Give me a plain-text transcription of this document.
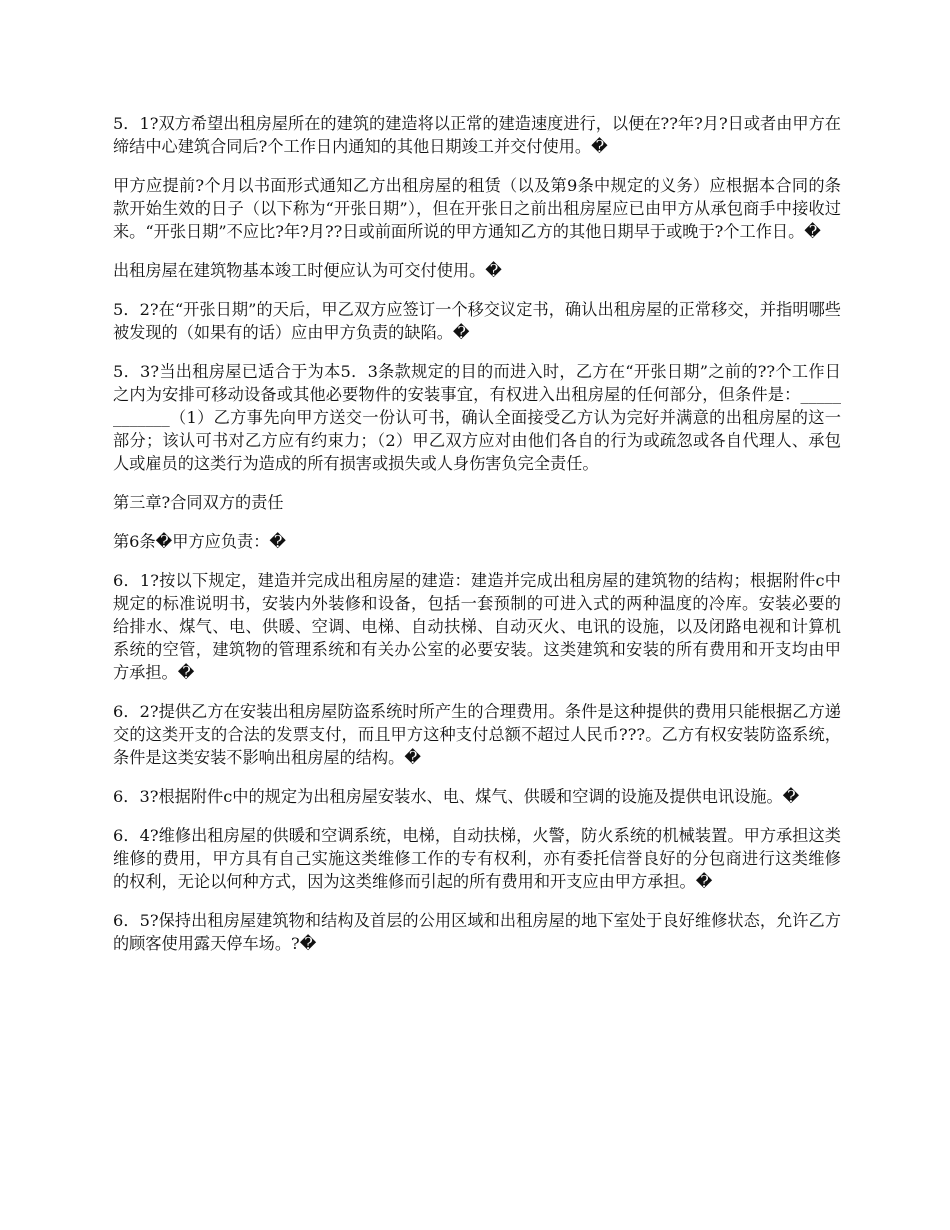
5．1?双方希望出租房屋所在的建筑的建造将以正常的建造速度进行，以便在??年?月?日或者由甲方在缔结中心建筑合同后?个工作日内通知的其他日期竣工并交付使用。�

甲方应提前?个月以书面形式通知乙方出租房屋的租赁（以及第9条中规定的义务）应根据本合同的条款开始生效的日子（以下称为“开张日期”），但在开张日之前出租房屋应已由甲方从承包商手中接收过来。“开张日期”不应比?年?月??日或前面所说的甲方通知乙方的其他日期早于或晚于?个工作日。�

出租房屋在建筑物基本竣工时便应认为可交付使用。�

5．2?在“开张日期”的天后，甲乙双方应签订一个移交议定书，确认出租房屋的正常移交，并指明哪些被发现的（如果有的话）应由甲方负责的缺陷。�

5．3?当出租房屋已适合于为本5．3条款规定的目的而进入时，乙方在“开张日期”之前的??个工作日之内为安排可移动设备或其他必要物件的安装事宜，有权进入出租房屋的任何部分，但条件是：____________（1）乙方事先向甲方送交一份认可书，确认全面接受乙方认为完好并满意的出租房屋的这一部分；该认可书对乙方应有约束力；（2）甲乙双方应对由他们各自的行为或疏忽或各自代理人、承包人或雇员的这类行为造成的所有损害或损失或人身伤害负完全责任。

第三章?合同双方的责任

第6条�甲方应负责：�

6．1?按以下规定，建造并完成出租房屋的建造：建造并完成出租房屋的建筑物的结构；根据附件c中规定的标准说明书，安装内外装修和设备，包括一套预制的可进入式的两种温度的冷库。安装必要的给排水、煤气、电、供暖、空调、电梯、自动扶梯、自动灭火、电讯的设施，以及闭路电视和计算机系统的空管，建筑物的管理系统和有关办公室的必要安装。这类建筑和安装的所有费用和开支均由甲方承担。�

6．2?提供乙方在安装出租房屋防盗系统时所产生的合理费用。条件是这种提供的费用只能根据乙方递交的这类开支的合法的发票支付，而且甲方这种支付总额不超过人民币???。乙方有权安装防盗系统，条件是这类安装不影响出租房屋的结构。�

6．3?根据附件c中的规定为出租房屋安装水、电、煤气、供暖和空调的设施及提供电讯设施。�

6．4?维修出租房屋的供暖和空调系统，电梯，自动扶梯，火警，防火系统的机械装置。甲方承担这类维修的费用，甲方具有自己实施这类维修工作的专有权利，亦有委托信誉良好的分包商进行这类维修的权利，无论以何种方式，因为这类维修而引起的所有费用和开支应由甲方承担。�

6．5?保持出租房屋建筑物和结构及首层的公用区域和出租房屋的地下室处于良好维修状态，允许乙方的顾客使用露天停车场。?�
